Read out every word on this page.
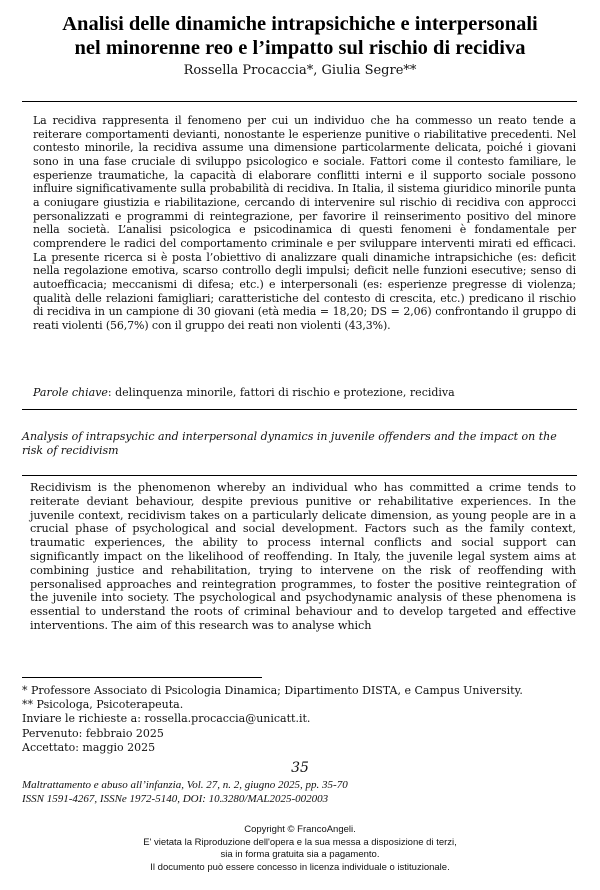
Analisi delle dinamiche intrapsichiche e interpersonali
nel minorenne reo e l’impatto sul rischio di recidiva

Rossella Procaccia*, Giulia Segre**

La recidiva rappresenta il fenomeno per cui un individuo che ha commesso un reato tende a reiterare comportamenti devianti, nonostante le esperienze punitive o riabilitative precedenti. Nel contesto minorile, la recidiva assume una dimensione particolarmente delicata, poiché i giovani sono in una fase cruciale di sviluppo psicologico e sociale. Fattori come il contesto familiare, le esperienze traumatiche, la capacità di elaborare conflitti interni e il supporto sociale possono influire significativamente sulla probabilità di recidiva. In Italia, il sistema giuridico minorile punta a coniugare giustizia e riabilitazione, cercando di intervenire sul rischio di recidiva con approcci personalizzati e programmi di reintegrazione, per favorire il reinserimento positivo del minore nella società. L’analisi psicologica e psicodinamica di questi fenomeni è fondamentale per comprendere le radici del comportamento criminale e per sviluppare interventi mirati ed efficaci. La presente ricerca si è posta l’obiettivo di analizzare quali dinamiche intrapsichiche (es: deficit nella regolazione emotiva, scarso controllo degli impulsi; deficit nelle funzioni esecutive; senso di autoefficacia; meccanismi di difesa; etc.) e interpersonali (es: esperienze pregresse di violenza; qualità delle relazioni famigliari; caratteristiche del contesto di crescita, etc.) predicano il rischio di recidiva in un campione di 30 giovani (età media = 18,20; DS = 2,06) confrontando il gruppo di reati violenti (56,7%) con il gruppo dei reati non violenti (43,3%).

Parole chiave: delinquenza minorile, fattori di rischio e protezione, recidiva

Analysis of intrapsychic and interpersonal dynamics in juvenile offenders and the impact on the risk of recidivism

Recidivism is the phenomenon whereby an individual who has committed a crime tends to reiterate deviant behaviour, despite previous punitive or rehabilitative experiences. In the juvenile context, recidivism takes on a particularly delicate dimension, as young people are in a crucial phase of psychological and social development. Factors such as the family context, traumatic experiences, the ability to process internal conflicts and social support can significantly impact on the likelihood of reoffending. In Italy, the juvenile legal system aims at combining justice and rehabilitation, trying to intervene on the risk of reoffending with personalised approaches and reintegration programmes, to foster the positive reintegration of the juvenile into society. The psychological and psychodynamic analysis of these phenomena is essential to understand the roots of criminal behaviour and to develop targeted and effective interventions. The aim of this research was to analyse which

* Professore Associato di Psicologia Dinamica; Dipartimento DISTA, e Campus University.
** Psicologa, Psicoterapeuta.
Inviare le richieste a: rossella.procaccia@unicatt.it.
Pervenuto: febbraio 2025
Accettato: maggio 2025
35
Maltrattamento e abuso all’infanzia, Vol. 27, n. 2, giugno 2025, pp. 35-70
ISSN 1591-4267, ISSNe 1972-5140, DOI: 10.3280/MAL2025-002003
Copyright © FrancoAngeli.
E' vietata la Riproduzione dell'opera e la sua messa a disposizione di terzi,
sia in forma gratuita sia a pagamento.
Il documento può essere concesso in licenza individuale o istituzionale.
